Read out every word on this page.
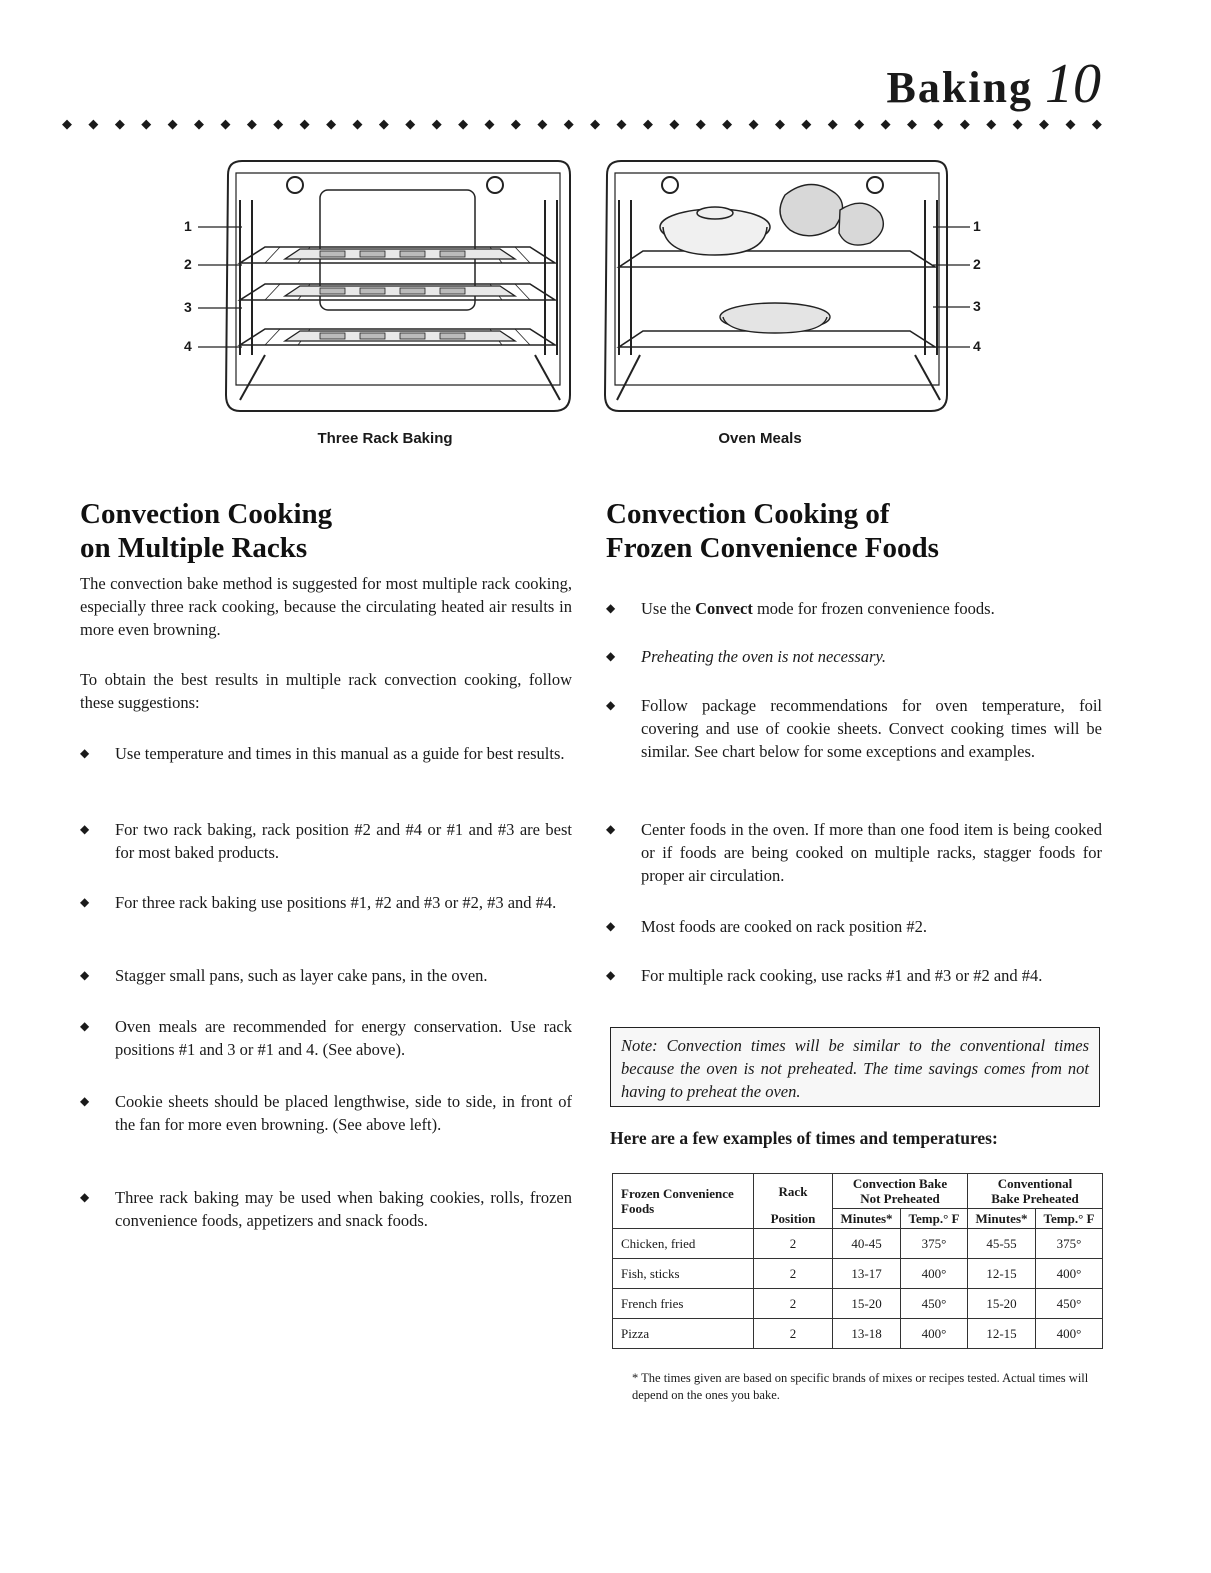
Baking 10
◆ ◆ ◆ ◆ ◆ ◆ ◆ ◆ ◆ ◆ ◆ ◆ ◆ ◆ ◆ ◆ ◆ ◆ ◆ ◆ ◆ ◆ ◆ ◆ ◆ ◆ ◆ ◆ ◆ ◆ ◆ ◆ ◆ ◆ ◆ ◆ ◆ ◆ ◆ ◆
1
2
3
4
Three Rack Baking
1
2
3
4
Oven Meals
Convection Cooking
on Multiple Racks

The convection bake method is suggested for most multiple rack cooking, especially three rack cooking, because the circulating heated air results in more even browning.

To obtain the best results in multiple rack convection cooking, follow these suggestions:

◆ Use temperature and times in this manual as a guide for best results.
◆ For two rack baking, rack position #2 and #4 or #1 and #3 are best for most baked products.
◆ For three rack baking use positions #1, #2 and #3 or #2, #3 and #4.
◆ Stagger small pans, such as layer cake pans, in the oven.
◆ Oven meals are recommended for energy conservation. Use rack positions #1 and 3 or #1 and 4. (See above).
◆ Cookie sheets should be placed lengthwise, side to side, in front of the fan for more even browning. (See above left).
◆ Three rack baking may be used when baking cookies, rolls, frozen convenience foods, appetizers and snack foods.
Convection Cooking of
Frozen Convenience Foods
◆ Use the Convect mode for frozen convenience foods.
◆ Preheating the oven is not necessary.
◆ Follow package recommendations for oven temperature, foil covering and use of cookie sheets. Convect cooking times will be similar. See chart below for some exceptions and examples.
◆ Center foods in the oven. If more than one food item is being cooked or if foods are being cooked on multiple racks, stagger foods for proper air circulation.
◆ Most foods are cooked on rack position #2.
◆ For multiple rack cooking, use racks #1 and #3 or #2 and #4.
Note: Convection times will be similar to the conventional times because the oven is not preheated. The time savings comes from not having to preheat the oven.
Here are a few examples of times and temperatures:
Frozen Convenience Foods	Rack	Convection Bake
Not Preheated		Conventional
Bake Preheated	
	Position	Minutes*	Temp.° F	Minutes*	Temp.° F
Chicken, fried	2	40-45	375°	45-55	375°
Fish, sticks	2	13-17	400°	12-15	400°
French fries	2	15-20	450°	15-20	450°
Pizza	2	13-18	400°	12-15	400°
* The times given are based on specific brands of mixes or recipes tested. Actual times will depend on the ones you bake.
